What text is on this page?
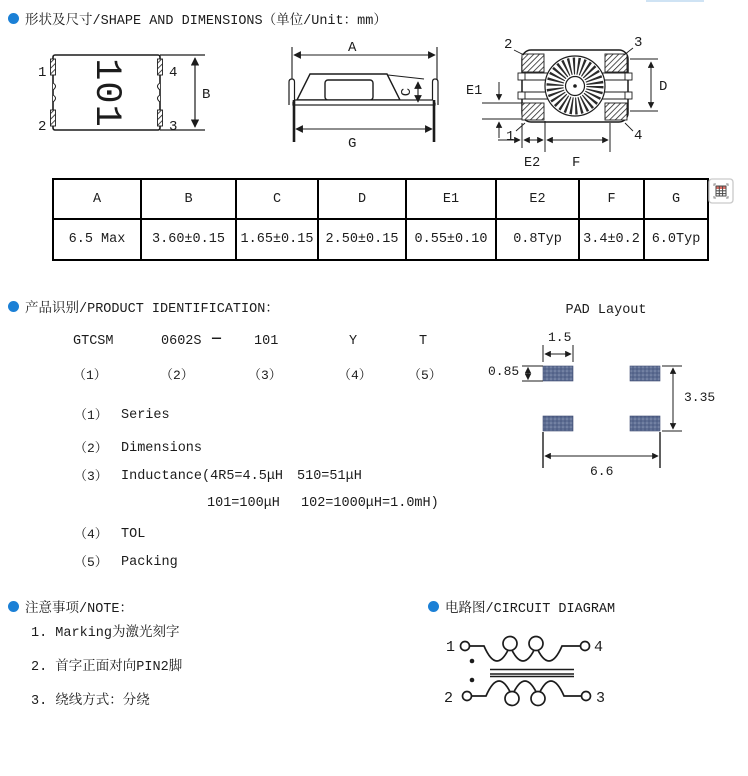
形状及尺寸/SHAPE AND DIMENSIONS（单位/Unit：mm）
101
1
2
4
3
B
A
C
G
2	3
1	4
D
E1
E2 F
A	B	C	D	E1	E2	F	G
6.5 Max	3.60±0.15	1.65±0.15	2.50±0.15	0.55±0.10	0.8Typ	3.4±0.2	6.0Typ
产品识别/PRODUCT IDENTIFICATION：
GTCSM	0602S — 101	Y	T
（1）	（2）	（3）	（4）	（5）
（1） Series
（2） Dimensions
（3） Inductance(4R5=4.5μH 510=51μH
101=100μH 102=1000μH=1.0mH)
（4） TOL
（5） Packing
PAD Layout
1.5
0.85
3.35
6.6
注意事项/NOTE：
1. Marking为激光刻字
2. 首字正面对向PIN2脚
3. 绕线方式：分绕
电路图/CIRCUIT DIAGRAM
1	4
2	3
